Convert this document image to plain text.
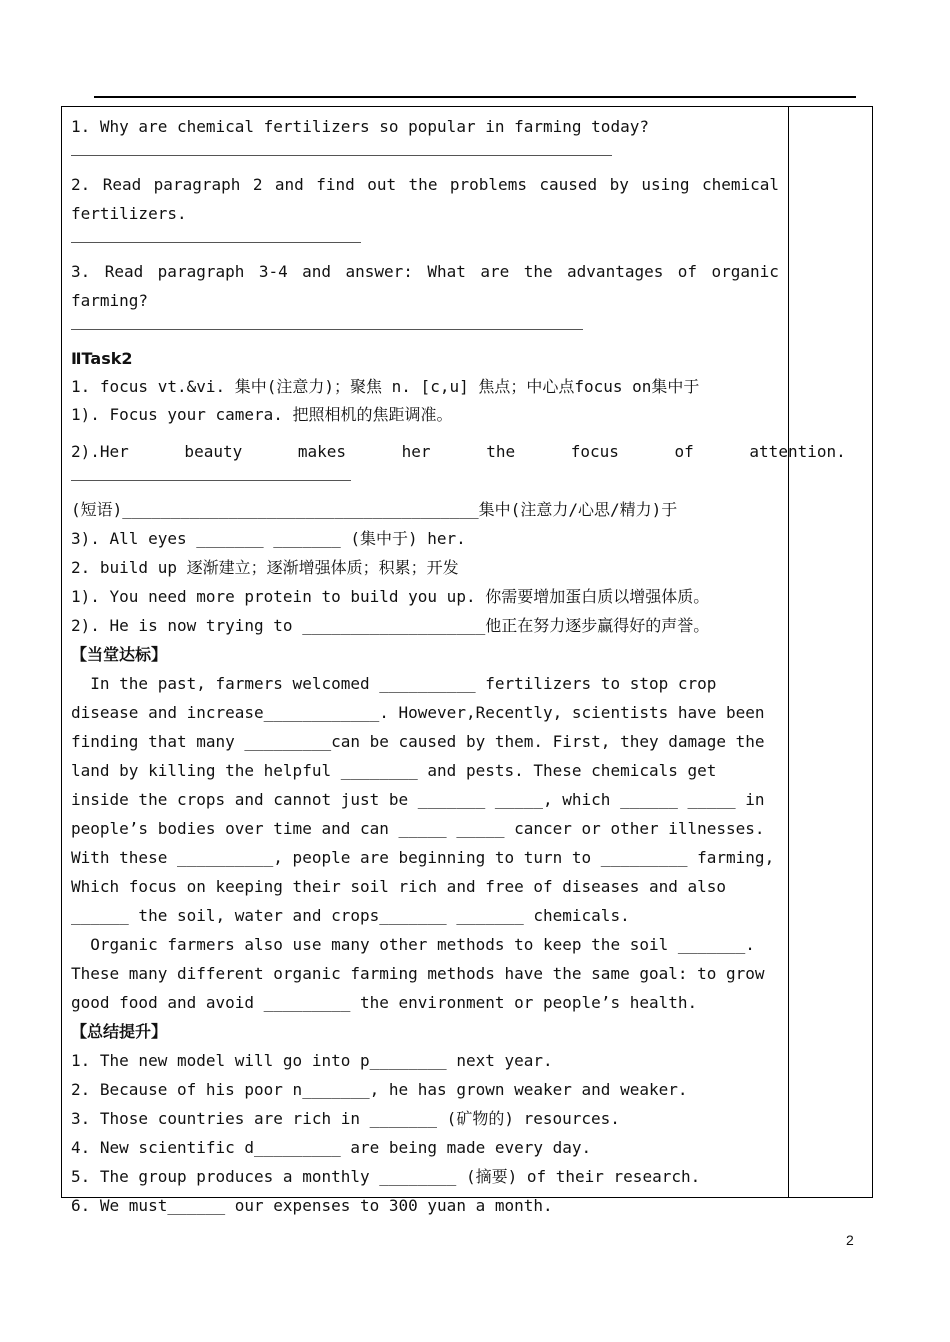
1. Why are chemical fertilizers so popular in farming today?
2. Read paragraph 2 and find out the problems caused by using chemical
fertilizers.
3. Read paragraph 3-4 and answer: What are the advantages of organic
farming?
ⅡTask2
1. focus vt.&vi. 集中(注意力)；聚焦 n. [c,u] 焦点；中心点focus on集中于
1). Focus your camera. 把照相机的焦距调准。
2).Her beauty makes her the focus of attention.
(短语)_____________________________________集中(注意力/心思/精力)于
3). All eyes _______ _______ (集中于) her.
2. build up 逐渐建立；逐渐增强体质；积累；开发
1). You need more protein to build you up. 你需要增加蛋白质以增强体质。
2). He is now trying to ___________________他正在努力逐步赢得好的声誉。
【当堂达标】
In the past, farmers welcomed __________ fertilizers to stop crop
disease and increase____________. However,Recently, scientists have been
finding that many _________can be caused by them. First, they damage the
land by killing the helpful ________ and pests. These chemicals get
inside the crops and cannot just be _______ _____, which ______ _____ in
people’s bodies over time and can _____ _____ cancer or other illnesses.
With these __________, people are beginning to turn to _________ farming,
Which focus on keeping their soil rich and free of diseases and also
______ the soil, water and crops_______ _______ chemicals.
Organic farmers also use many other methods to keep the soil _______.
These many different organic farming methods have the same goal: to grow
good food and avoid _________ the environment or people’s health.
【总结提升】
1. The new model will go into p________ next year.
2. Because of his poor n_______, he has grown weaker and weaker.
3. Those countries are rich in _______ (矿物的) resources.
4. New scientific d_________ are being made every day.
5. The group produces a monthly ________ (摘要) of their research.
6. We must______ our expenses to 300 yuan a month.
2
